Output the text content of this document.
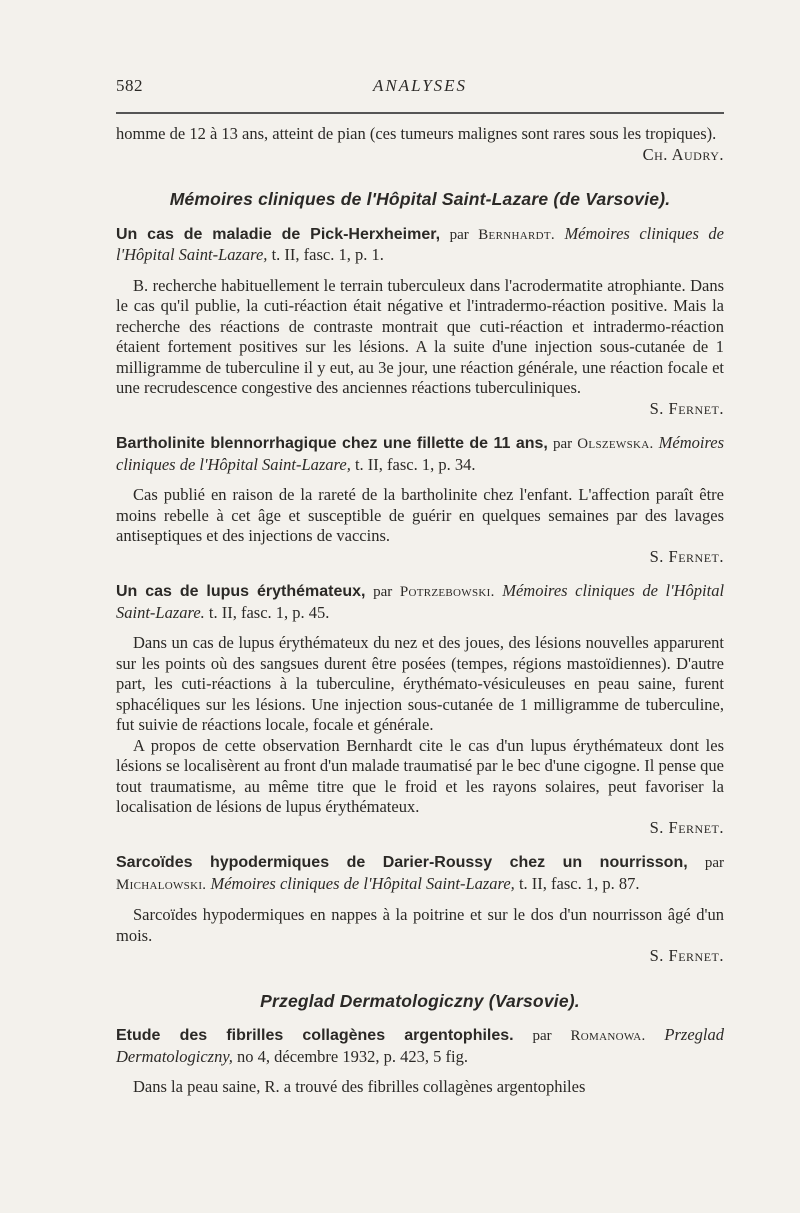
582	ANALYSES

homme de 12 à 13 ans, atteint de pian (ces tumeurs malignes sont rares sous les tropiques).
Ch. Audry.

Mémoires cliniques de l'Hôpital Saint-Lazare (de Varsovie).

Un cas de maladie de Pick-Herxheimer, par Bernhardt. Mémoires cliniques de l'Hôpital Saint-Lazare, t. II, fasc. 1, p. 1.

B. recherche habituellement le terrain tuberculeux dans l'acrodermatite atrophiante. Dans le cas qu'il publie, la cuti-réaction était négative et l'intradermo-réaction positive. Mais la recherche des réactions de contraste montrait que cuti-réaction et intradermo-réaction étaient fortement positives sur les lésions. A la suite d'une injection sous-cutanée de 1 milligramme de tuberculine il y eut, au 3e jour, une réaction générale, une réaction focale et une recrudescence congestive des anciennes réactions tuberculiniques.

S. Fernet.

Bartholinite blennorrhagique chez une fillette de 11 ans, par Olszewska. Mémoires cliniques de l'Hôpital Saint-Lazare, t. II, fasc. 1, p. 34.

Cas publié en raison de la rareté de la bartholinite chez l'enfant. L'affection paraît être moins rebelle à cet âge et susceptible de guérir en quelques semaines par des lavages antiseptiques et des injections de vaccins.

S. Fernet.

Un cas de lupus érythémateux, par Potrzebowski. Mémoires cliniques de l'Hôpital Saint-Lazare. t. II, fasc. 1, p. 45.

Dans un cas de lupus érythémateux du nez et des joues, des lésions nouvelles apparurent sur les points où des sangsues durent être posées (tempes, régions mastoïdiennes). D'autre part, les cuti-réactions à la tuberculine, érythémato-vésiculeuses en peau saine, furent sphacéliques sur les lésions. Une injection sous-cutanée de 1 milligramme de tuberculine, fut suivie de réactions locale, focale et générale.

A propos de cette observation Bernhardt cite le cas d'un lupus érythémateux dont les lésions se localisèrent au front d'un malade traumatisé par le bec d'une cigogne. Il pense que tout traumatisme, au même titre que le froid et les rayons solaires, peut favoriser la localisation de lésions de lupus érythémateux.

S. Fernet.

Sarcoïdes hypodermiques de Darier-Roussy chez un nourrisson, par Michalowski. Mémoires cliniques de l'Hôpital Saint-Lazare, t. II, fasc. 1, p. 87.

Sarcoïdes hypodermiques en nappes à la poitrine et sur le dos d'un nourrisson âgé d'un mois.

S. Fernet.

Przeglad Dermatologiczny (Varsovie).

Etude des fibrilles collagènes argentophiles. par Romanowa. Przeglad Dermatologiczny, no 4, décembre 1932, p. 423, 5 fig.

Dans la peau saine, R. a trouvé des fibrilles collagènes argentophiles
